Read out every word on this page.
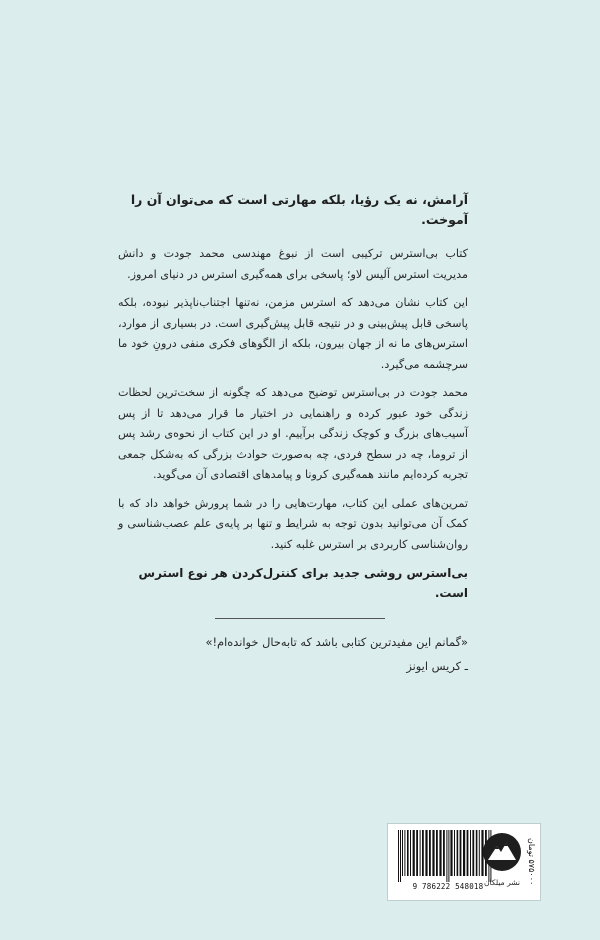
آرامش، نه یک رؤیا، بلکه مهارتی است که می‌توان آن را آموخت.

کتاب بی‌استرس ترکیبی است از نبوغ مهندسی محمد جودت و دانش مدیریت استرس آلیس لاو؛ پاسخی برای همه‌گیری استرس در دنیای امروز.

این کتاب نشان می‌دهد که استرس مزمن، نه‌تنها اجتناب‌ناپذیر نبوده، بلکه پاسخی قابل پیش‌بینی و در نتیجه قابل پیش‌گیری است. در بسیاری از موارد، استرس‌های ما نه از جهان بیرون، بلکه از الگوهای فکری منفی درونِ خود ما سرچشمه می‌گیرد.

محمد جودت در بی‌استرس توضیح می‌دهد که چگونه از سخت‌ترین لحظات زندگی خود عبور کرده و راهنمایی در اختیار ما قرار می‌دهد تا از پس آسیب‌های بزرگ و کوچک زندگی برآییم. او در این کتاب از نحوه‌ی رشد پس از تروما، چه در سطح فردی، چه به‌صورت حوادث بزرگی که به‌شکل جمعی تجربه کرده‌ایم مانند همه‌گیری کرونا و پیامدهای اقتصادی آن می‌گوید.

تمرین‌های عملی این کتاب، مهارت‌هایی را در شما پرورش خواهد داد که با کمک آن می‌توانید بدون توجه به شرایط و تنها بر پایه‌ی علم عصب‌شناسی و روان‌شناسی کاربردی بر استرس غلبه کنید.

بی‌استرس روشی جدید برای کنترل‌کردن هر نوع استرس است.

«گمانم این مفیدترین کتابی باشد که تابه‌حال خوانده‌ام!»

ـ کریس ایونز

9 786222 548018
۵۷۵۰۰۰ تومان
نشر میلکان
